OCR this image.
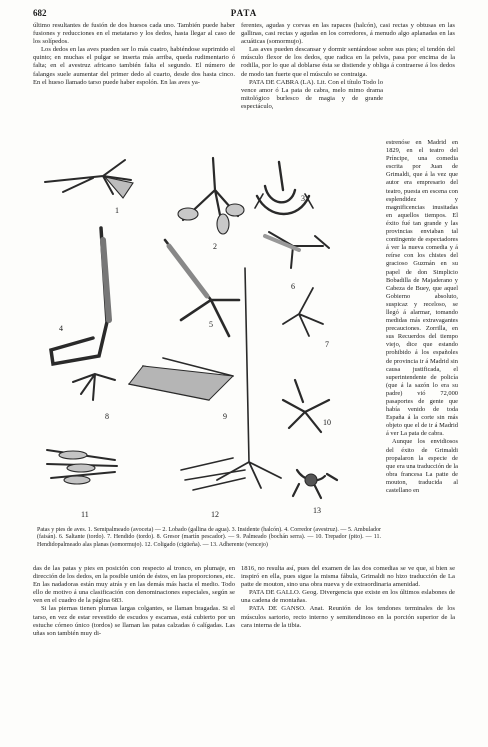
682	PATA

último resultantes de fusión de dos huesos cada uno. También puede haber fusiones y reducciones en el metatarso y los dedos, hasta llegar al caso de los solípedos.

Los dedos en las aves pueden ser lo más cuatro, habiéndose suprimido el quinto; en muchas el pulgar se inserta más arriba, queda rudimentario ó falta; en el avestruz africano también falta el segundo. El número de falanges suele aumentar del primer dedo al cuarto, desde dos hasta cinco. En el hueso llamado tarso puede haber espolón. En las aves ya-

ferentes, agudas y corvas en las rapaces (halcón), casi rectas y obtusas en las gallinas, casi rectas y agudas en los corredores, á menudo algo aplanadas en las acuáticas (somormujo).

Las aves pueden descansar y dormir sentándose sobre sus pies; el tendón del músculo flexor de los dedos, que radica en la pelvis, pasa por encima de la rodilla, por lo que al doblarse ésta se distiende y obliga á contraerse á los dedos de modo tan fuerte que el músculo se contraiga.

PATA DE CABRA (LA). Lit. Con el título Todo lo vence amor ó La pata de cabra, melo mimo drama mitológico burlesco de magia y de grande espectáculo,

estrenóse en Madrid en 1829, en el teatro del Príncipe, una comedia escrita por Juan de Grimaldi, que á la vez que autor era empresario del teatro, puesta en escena con esplendidez y magnificencias inusitadas en aquellos tiempos. El éxito fué tan grande y las provincias enviaban tal contingente de espectadores á ver la nueva comedia y á reírse con los chistes del gracioso Guzmán en su papel de don Simplicio Bobadilla de Majaderano y Cabeza de Buey, que aquel Gobierno absoluto, suspicaz y receloso, se llegó á alarmar, tomando medidas más extravagantes precauciones. Zorrilla, en sus Recuerdos del tiempo viejo, dice que estando prohibido á los españoles de provincia ir á Madrid sin causa justificada, el superintendente de policía (que á la sazón lo era su padre) vió 72,000 pasaportes de gente que había venido de toda España á la corte sin más objeto que el de ir á Madrid á ver La pata de cabra.

Aunque los envidiosos del éxito de Grimaldi propalaron la especie de que era una traducción de la obra francesa La patte de mouton, traducida al castellano en

1
2
3
4	5
6
7
8	9
10
11	12	13

Patas y pies de aves. 1. Semipalmeado (avoceta) — 2. Lobado (gallina de agua). 3. Insidente (halcón). 4. Corredor (avestruz). — 5. Ambulador (faisán). 6. Saltante (tordo). 7. Hendido (tordo). 8. Gresor (martín pescador). — 9. Palmeado (bochán serra). — 10. Trepador (pito). — 11. Hendidopalmeado alas planas (somormujo). 12. Coligado (cigüeña). — 13. Adherente (vencejo)

das de las patas y pies en posición con respecto al tronco, en plumaje, en dirección de los dedos, en la posible unión de éstos, en las proporciones, etc. En las nadadoras están muy atrás y en las demás más hacia el medio. Todo ello de motivo á una clasificación con denominaciones especiales, según se ven en el cuadro de la página 683.

Si las piernas tienen plumas largas colgantes, se llaman bragadas. Si el tarso, en vez de estar revestido de escudos y escamas, está cubierto por un estuche córneo único (tordos) se llaman las patas calzadas ó calígadas. Las uñas son también muy di-

1816, no resulta así, pues del examen de las dos comedias se ve que, si bien se inspiró en ella, pues sigue la misma fábula, Grimaldi no hizo traducción de La patte de mouton, sino una obra nueva y de extraordinaria amenidad.

PATA DE GALLO. Geog. Divergencia que existe en los últimos eslabones de una cadena de montañas.

PATA DE GANSO. Anat. Reunión de los tendones terminales de los músculos sartorio, recto interno y semitendinoso en la porción superior de la cara interna de la tibia.
